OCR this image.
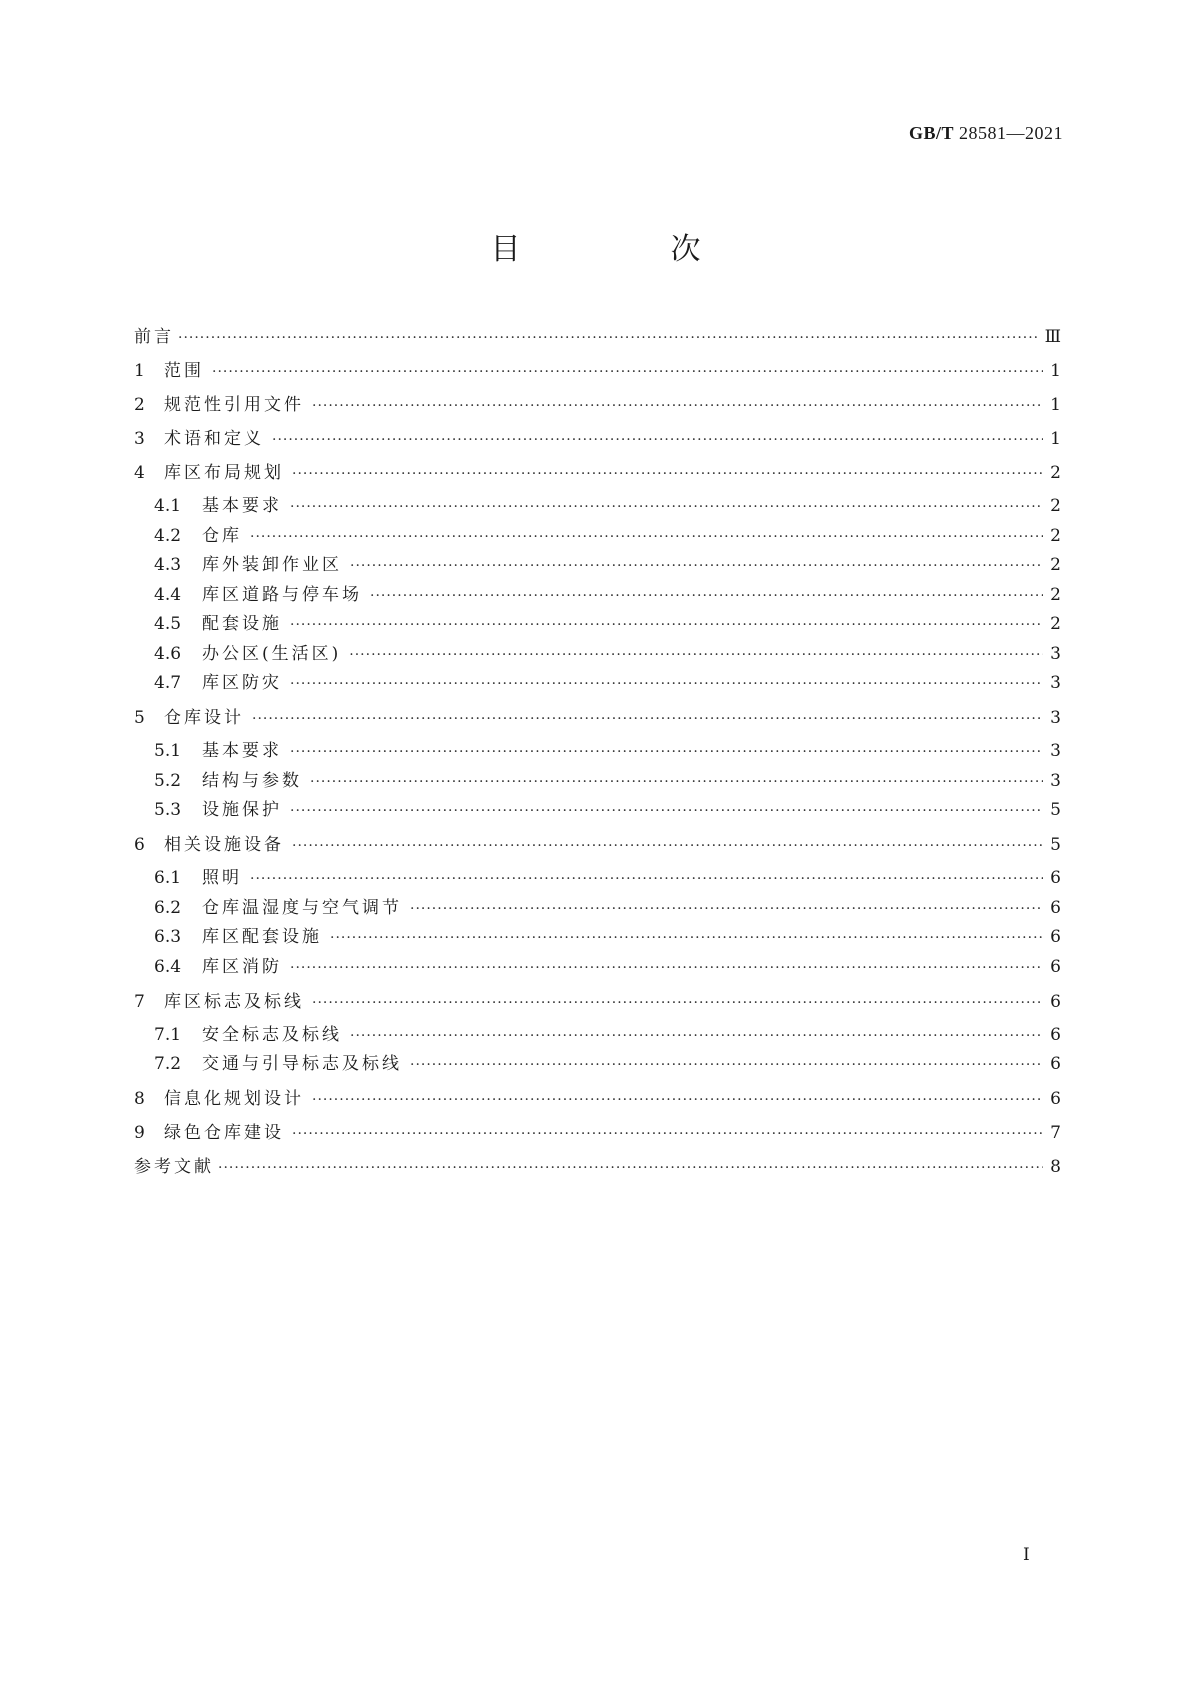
GB/T 28581—2021
目　次
前言 ·····	Ⅲ
1	范围 ·····	1
2	规范性引用文件 ·····	1
3	术语和定义 ·····	1
4	库区布局规划 ·····	2
4.1	基本要求 ·····	2
4.2	仓库 ·····	2
4.3	库外装卸作业区 ·····	2
4.4	库区道路与停车场 ·····	2
4.5	配套设施 ·····	2
4.6	办公区(生活区) ·····	3
4.7	库区防灾 ·····	3
5	仓库设计 ·····	3
5.1	基本要求 ·····	3
5.2	结构与参数 ·····	3
5.3	设施保护 ·····	5
6	相关设施设备 ·····	5
6.1	照明 ·····	6
6.2	仓库温湿度与空气调节 ·····	6
6.3	库区配套设施 ·····	6
6.4	库区消防 ·····	6
7	库区标志及标线 ·····	6
7.1	安全标志及标线 ·····	6
7.2	交通与引导标志及标线 ·····	6
8	信息化规划设计 ·····	6
9	绿色仓库建设 ·····	7
参考文献 ·····	8
I
